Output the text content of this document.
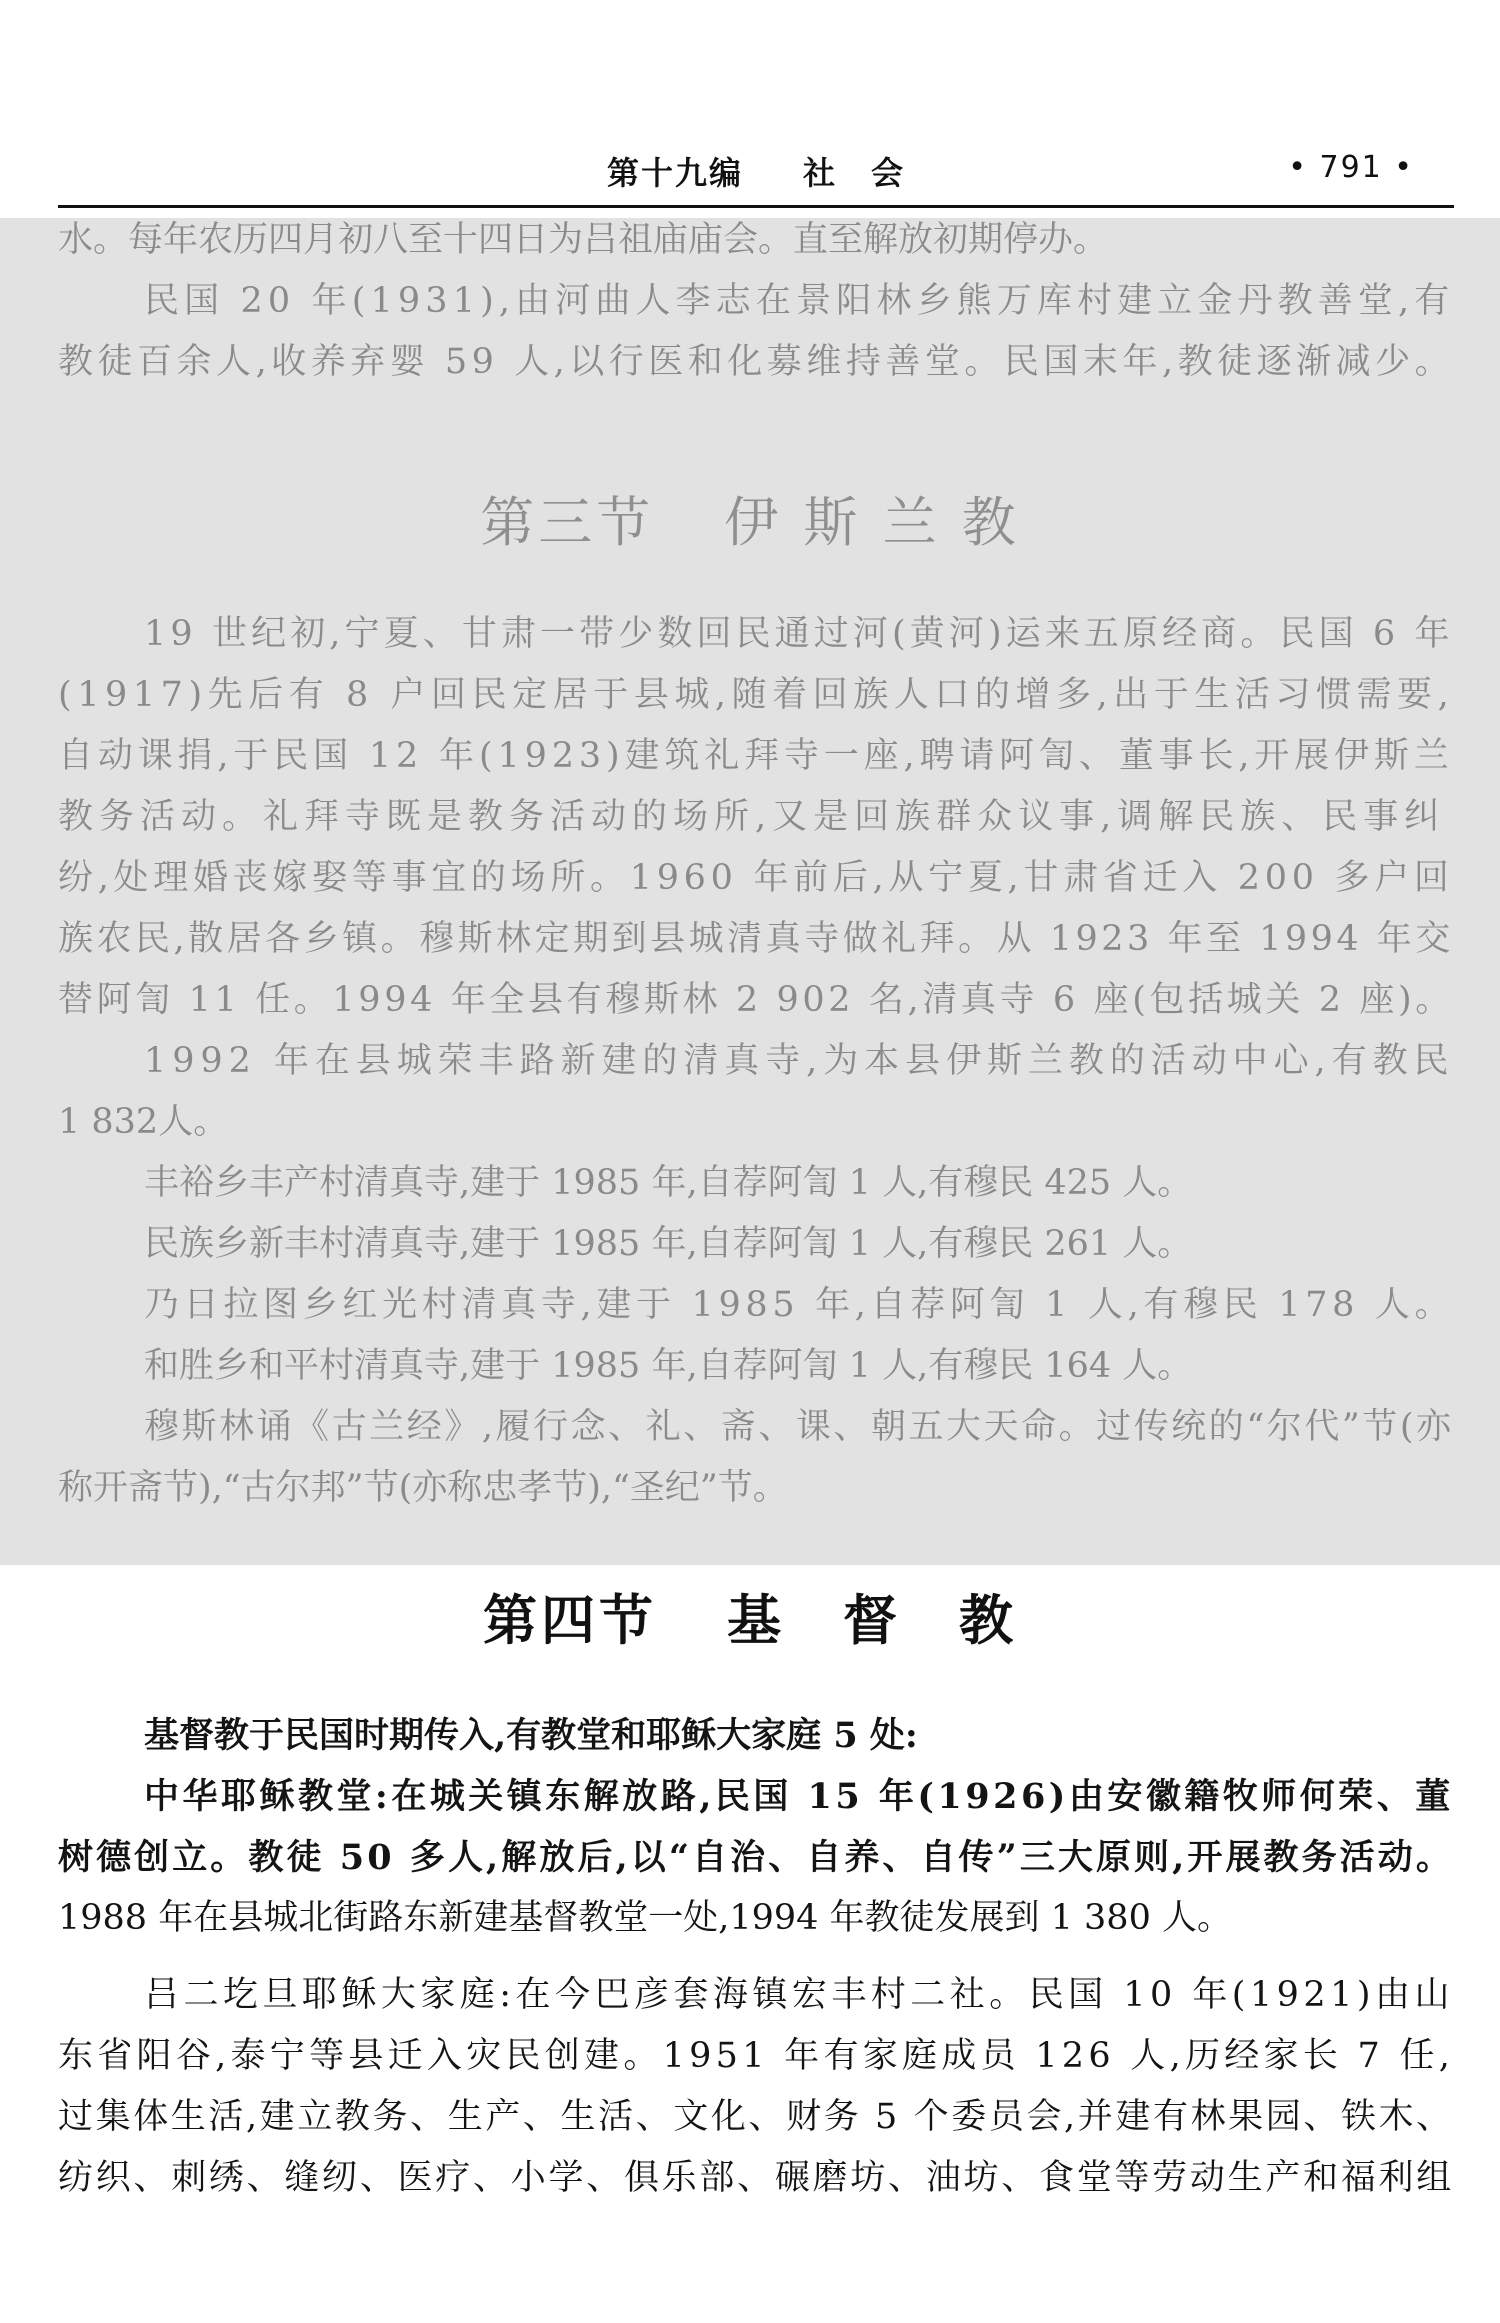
第十九编 社　会	• 791 •

水。每年农历四月初八至十四日为吕祖庙庙会。直至解放初期停办。

民国 20 年(1931),由河曲人李志在景阳林乡熊万库村建立金丹教善堂,有

教徒百余人,收养弃婴 59 人,以行医和化募维持善堂。民国末年,教徒逐渐减少。

第三节 伊 斯 兰 教

19 世纪初,宁夏、甘肃一带少数回民通过河(黄河)运来五原经商。民国 6 年

(1917)先后有 8 户回民定居于县城,随着回族人口的增多,出于生活习惯需要,

自动课捐,于民国 12 年(1923)建筑礼拜寺一座,聘请阿訇、董事长,开展伊斯兰

教务活动。礼拜寺既是教务活动的场所,又是回族群众议事,调解民族、民事纠

纷,处理婚丧嫁娶等事宜的场所。1960 年前后,从宁夏,甘肃省迁入 200 多户回

族农民,散居各乡镇。穆斯林定期到县城清真寺做礼拜。从 1923 年至 1994 年交

替阿訇 11 任。1994 年全县有穆斯林 2 902 名,清真寺 6 座(包括城关 2 座)。

1992 年在县城荣丰路新建的清真寺,为本县伊斯兰教的活动中心,有教民

1 832人。

丰裕乡丰产村清真寺,建于 1985 年,自荐阿訇 1 人,有穆民 425 人。

民族乡新丰村清真寺,建于 1985 年,自荐阿訇 1 人,有穆民 261 人。

乃日拉图乡红光村清真寺,建于 1985 年,自荐阿訇 1 人,有穆民 178 人。

和胜乡和平村清真寺,建于 1985 年,自荐阿訇 1 人,有穆民 164 人。

穆斯林诵《古兰经》,履行念、礼、斋、课、朝五大天命。过传统的“尔代”节(亦

称开斋节),“古尔邦”节(亦称忠孝节),“圣纪”节。

第四节 基　督　教

基督教于民国时期传入,有教堂和耶稣大家庭 5 处:

中华耶稣教堂:在城关镇东解放路,民国 15 年(1926)由安徽籍牧师何荣、董

树德创立。教徒 50 多人,解放后,以“自治、自养、自传”三大原则,开展教务活动。

1988 年在县城北街路东新建基督教堂一处,1994 年教徒发展到 1 380 人。

吕二圪旦耶稣大家庭:在今巴彦套海镇宏丰村二社。民国 10 年(1921)由山

东省阳谷,泰宁等县迁入灾民创建。1951 年有家庭成员 126 人,历经家长 7 任,

过集体生活,建立教务、生产、生活、文化、财务 5 个委员会,并建有林果园、铁木、

纺织、刺绣、缝纫、医疗、小学、俱乐部、碾磨坊、油坊、食堂等劳动生产和福利组
